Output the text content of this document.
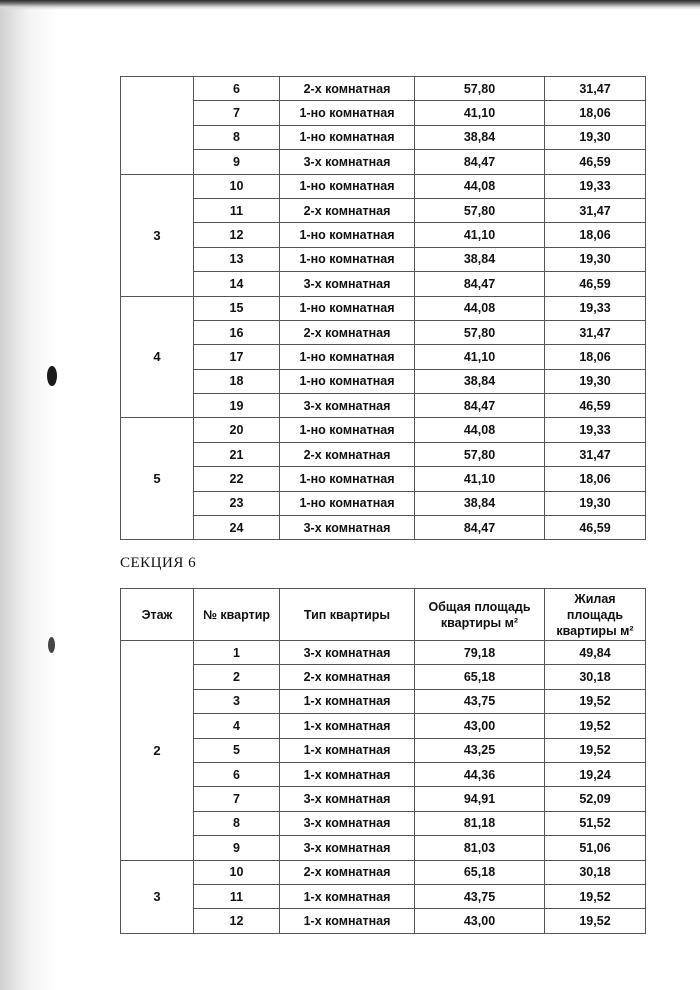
	6	2-х комнатная	57,80	31,47
	7	1-но комнатная	41,10	18,06
	8	1-но комнатная	38,84	19,30
	9	3-х комнатная	84,47	46,59
3	10	1-но комнатная	44,08	19,33
	11	2-х комнатная	57,80	31,47
	12	1-но комнатная	41,10	18,06
	13	1-но комнатная	38,84	19,30
	14	3-х комнатная	84,47	46,59
4	15	1-но комнатная	44,08	19,33
	16	2-х комнатная	57,80	31,47
	17	1-но комнатная	41,10	18,06
	18	1-но комнатная	38,84	19,30
	19	3-х комнатная	84,47	46,59
5	20	1-но комнатная	44,08	19,33
	21	2-х комнатная	57,80	31,47
	22	1-но комнатная	41,10	18,06
	23	1-но комнатная	38,84	19,30
	24	3-х комнатная	84,47	46,59
СЕКЦИЯ 6
Этаж	№ квартир	Тип квартиры	Общая площадь квартиры м²	Жилая площадь квартиры м²
2	1	3-х комнатная	79,18	49,84
	2	2-х комнатная	65,18	30,18
	3	1-х комнатная	43,75	19,52
	4	1-х комнатная	43,00	19,52
	5	1-х комнатная	43,25	19,52
	6	1-х комнатная	44,36	19,24
	7	3-х комнатная	94,91	52,09
	8	3-х комнатная	81,18	51,52
	9	3-х комнатная	81,03	51,06
3	10	2-х комнатная	65,18	30,18
	11	1-х комнатная	43,75	19,52
	12	1-х комнатная	43,00	19,52
